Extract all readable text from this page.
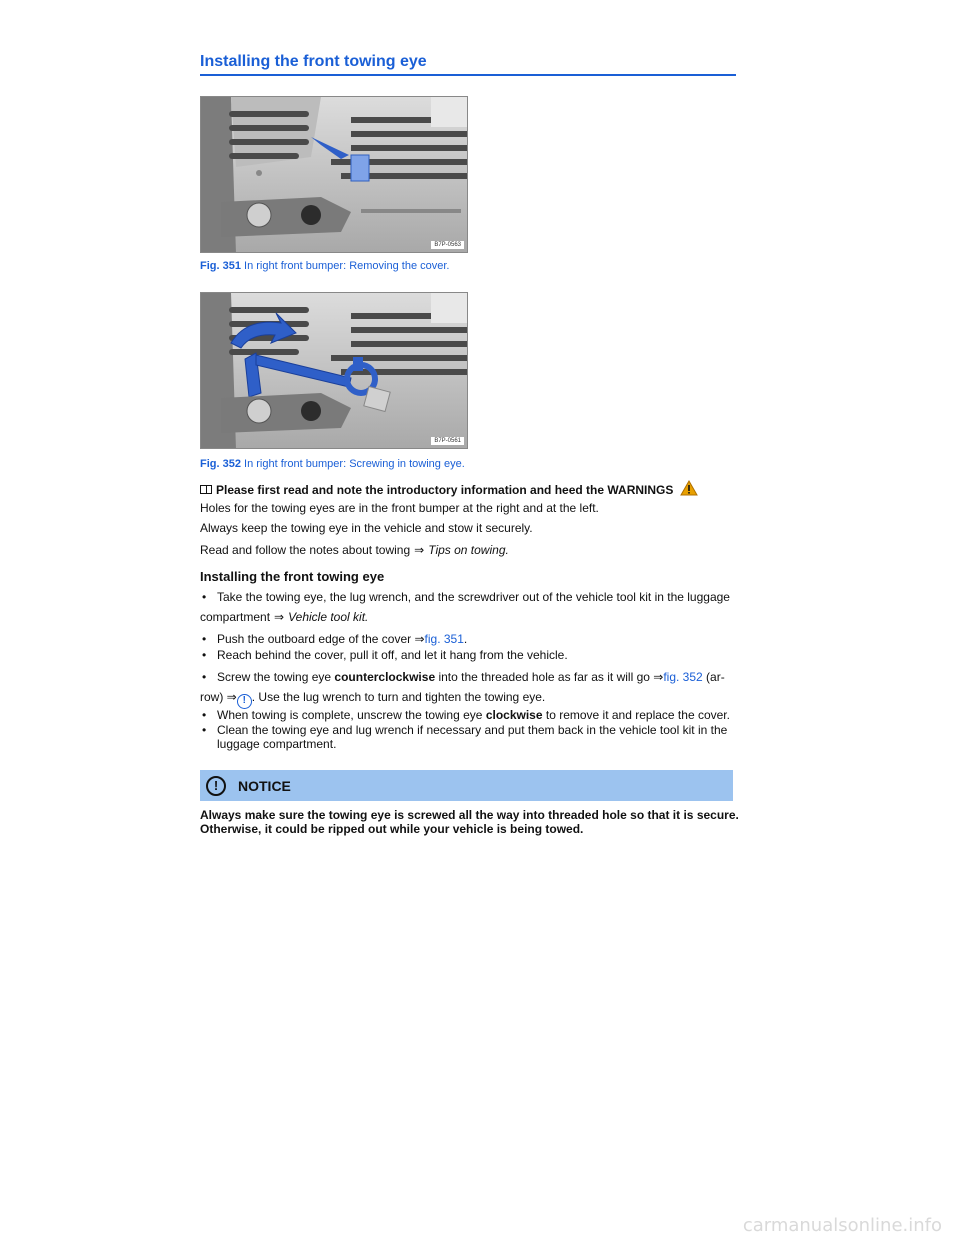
Installing the front towing eye
B7P-0563
Fig. 351 In right front bumper: Removing the cover.
B7P-0561
Fig. 352 In right front bumper: Screwing in towing eye.
Please first read and note the introductory information and heed the WARNINGS
Holes for the towing eyes are in the front bumper at the right and at the left.
Always keep the towing eye in the vehicle and stow it securely.
Read and follow the notes about towing ⇒ Tips on towing.
Installing the front towing eye
• Take the towing eye, the lug wrench, and the screwdriver out of the vehicle tool kit in the luggage

compartment ⇒ Vehicle tool kit.
• Push the outboard edge of the cover ⇒fig. 351.
• Reach behind the cover, pull it off, and let it hang from the vehicle.
• Screw the towing eye counterclockwise into the threaded hole as far as it will go ⇒fig. 352 (ar-
row) ⇒ ! . Use the lug wrench to turn and tighten the towing eye.
• When towing is complete, unscrew the towing eye clockwise to remove it and replace the cover.
• Clean the towing eye and lug wrench if necessary and put them back in the vehicle tool kit in the luggage compartment.
!	NOTICE
Always make sure the towing eye is screwed all the way into threaded hole so that it is secure. Otherwise, it could be ripped out while your vehicle is being towed.
carmanualsonline.info
